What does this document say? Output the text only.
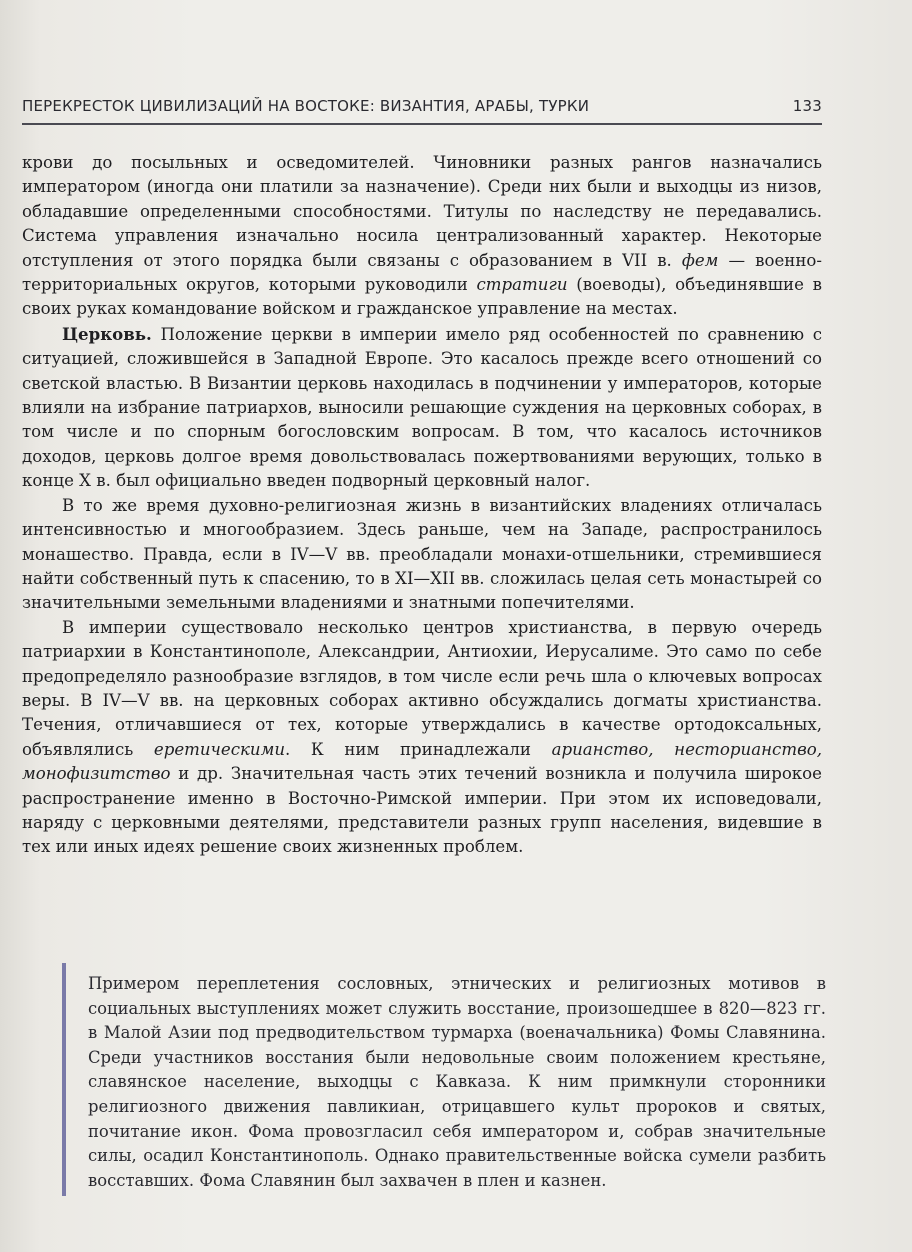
ПЕРЕКРЕСТОК ЦИВИЛИЗАЦИЙ НА ВОСТОКЕ: ВИЗАНТИЯ, АРАБЫ, ТУРКИ	133

крови до посыльных и осведомителей. Чиновники разных рангов назначались императором (иногда они платили за назначение). Среди них были и выходцы из низов, обладавшие определенными способностями. Титулы по наследству не передавались. Система управления изначально носила централизованный характер. Некоторые отступления от этого порядка были связаны с образованием в VII в. фем — военно-территориальных округов, которыми руководили стратиги (воеводы), объединявшие в своих руках командование войском и гражданское управление на местах.

Церковь. Положение церкви в империи имело ряд особенностей по сравнению с ситуацией, сложившейся в Западной Европе. Это касалось прежде всего отношений со светской властью. В Византии церковь находилась в подчинении у императоров, которые влияли на избрание патриархов, выносили решающие суждения на церковных соборах, в том числе и по спорным богословским вопросам. В том, что касалось источников доходов, церковь долгое время довольствовалась пожертвованиями верующих, только в конце X в. был официально введен подворный церковный налог.

В то же время духовно-религиозная жизнь в византийских владениях отличалась интенсивностью и многообразием. Здесь раньше, чем на Западе, распространилось монашество. Правда, если в IV—V вв. преобладали монахи-отшельники, стремившиеся найти собственный путь к спасению, то в XI—XII вв. сложилась целая сеть монастырей со значительными земельными владениями и знатными попечителями.

В империи существовало несколько центров христианства, в первую очередь патриархии в Константинополе, Александрии, Антиохии, Иерусалиме. Это само по себе предопределяло разнообразие взглядов, в том числе если речь шла о ключевых вопросах веры. В IV—V вв. на церковных соборах активно обсуждались догматы христианства. Течения, отличавшиеся от тех, которые утверждались в качестве ортодоксальных, объявлялись еретическими. К ним принадлежали арианство, несторианство, монофизитство и др. Значительная часть этих течений возникла и получила широкое распространение именно в Восточно-Римской империи. При этом их исповедовали, наряду с церковными деятелями, представители разных групп населения, видевшие в тех или иных идеях решение своих жизненных проблем.

Примером переплетения сословных, этнических и религиозных мотивов в социальных выступлениях может служить восстание, произошедшее в 820—823 гг. в Малой Азии под предводительством турмарха (военачальника) Фомы Славянина. Среди участников восстания были недовольные своим положением крестьяне, славянское население, выходцы с Кавказа. К ним примкнули сторонники религиозного движения павликиан, отрицавшего культ пророков и святых, почитание икон. Фома провозгласил себя императором и, собрав значительные силы, осадил Константинополь. Однако правительственные войска сумели разбить восставших. Фома Славянин был захвачен в плен и казнен.
